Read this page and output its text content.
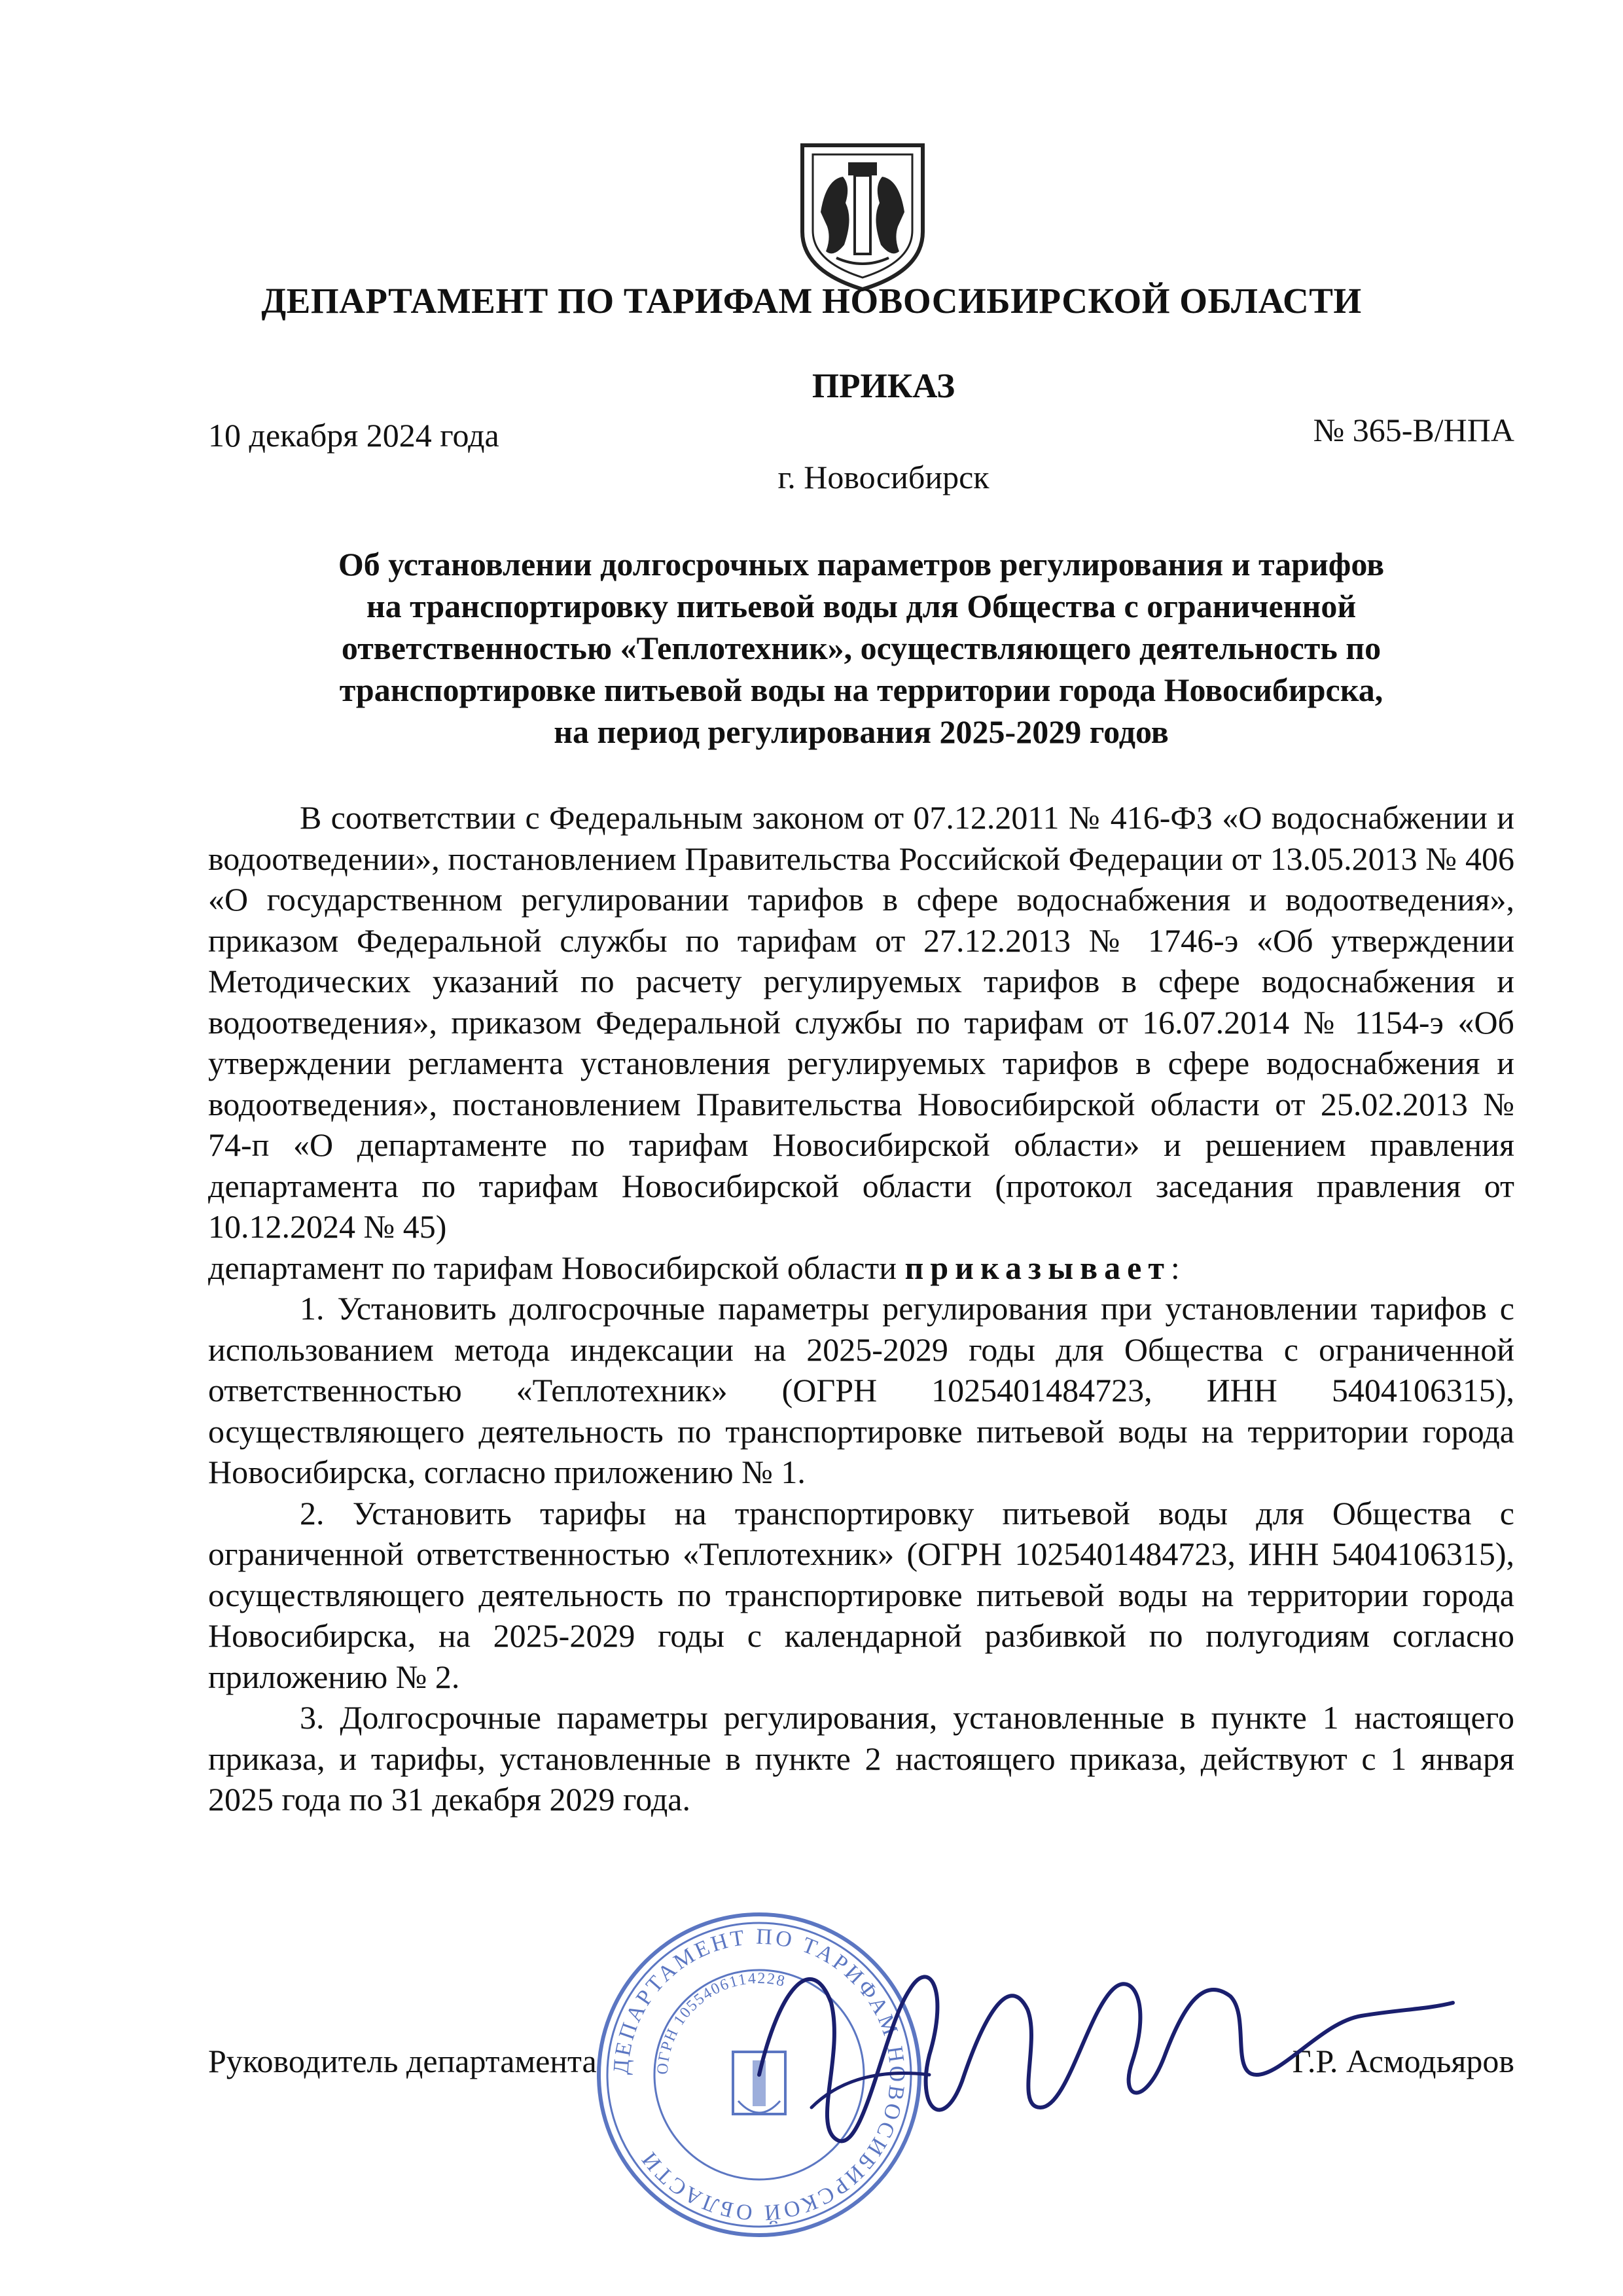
ДЕПАРТАМЕНТ ПО ТАРИФАМ НОВОСИБИРСКОЙ ОБЛАСТИ
ПРИКАЗ
10 декабря 2024 года	№ 365-В/НПА
г. Новосибирск
Об установлении долгосрочных параметров регулирования и тарифов
на транспортировку питьевой воды для Общества с ограниченной
ответственностью «Теплотехник», осуществляющего деятельность по
транспортировке питьевой воды на территории города Новосибирска,
на период регулирования 2025-2029 годов

В соответствии с Федеральным законом от 07.12.2011 № 416-ФЗ «О водоснабжении и водоотведении», постановлением Правительства Российской Федерации от 13.05.2013 № 406 «О государственном регулировании тарифов в сфере водоснабжения и водоотведения», приказом Федеральной службы по тарифам от 27.12.2013 № 1746-э «Об утверждении Методических указаний по расчету регулируемых тарифов в сфере водоснабжения и водоотведения», приказом Федеральной службы по тарифам от 16.07.2014 № 1154-э «Об утверждении регламента установления регулируемых тарифов в сфере водоснабжения и водоотведения», постановлением Правительства Новосибирской области от 25.02.2013 № 74-п «О департаменте по тарифам Новосибирской области» и решением правления департамента по тарифам Новосибирской области (протокол заседания правления от 10.12.2024 № 45)

департамент по тарифам Новосибирской области приказывает:

1. Установить долгосрочные параметры регулирования при установлении тарифов с использованием метода индексации на 2025-2029 годы для Общества с ограниченной ответственностью «Теплотехник» (ОГРН 1025401484723, ИНН 5404106315), осуществляющего деятельность по транспортировке питьевой воды на территории города Новосибирска, согласно приложению № 1.

2. Установить тарифы на транспортировку питьевой воды для Общества с ограниченной ответственностью «Теплотехник» (ОГРН 1025401484723, ИНН 5404106315), осуществляющего деятельность по транспортировке питьевой воды на территории города Новосибирска, на 2025-2029 годы с календарной разбивкой по полугодиям согласно приложению № 2.

3. Долгосрочные параметры регулирования, установленные в пункте 1 настоящего приказа, и тарифы, установленные в пункте 2 настоящего приказа, действуют с 1 января 2025 года по 31 декабря 2029 года.

ДЕПАРТАМЕНТ ПО ТАРИФАМ НОВОСИБИРСКОЙ ОБЛАСТИ
ОГРН 1055406114228
Руководитель департамента	Г.Р. Асмодьяров
